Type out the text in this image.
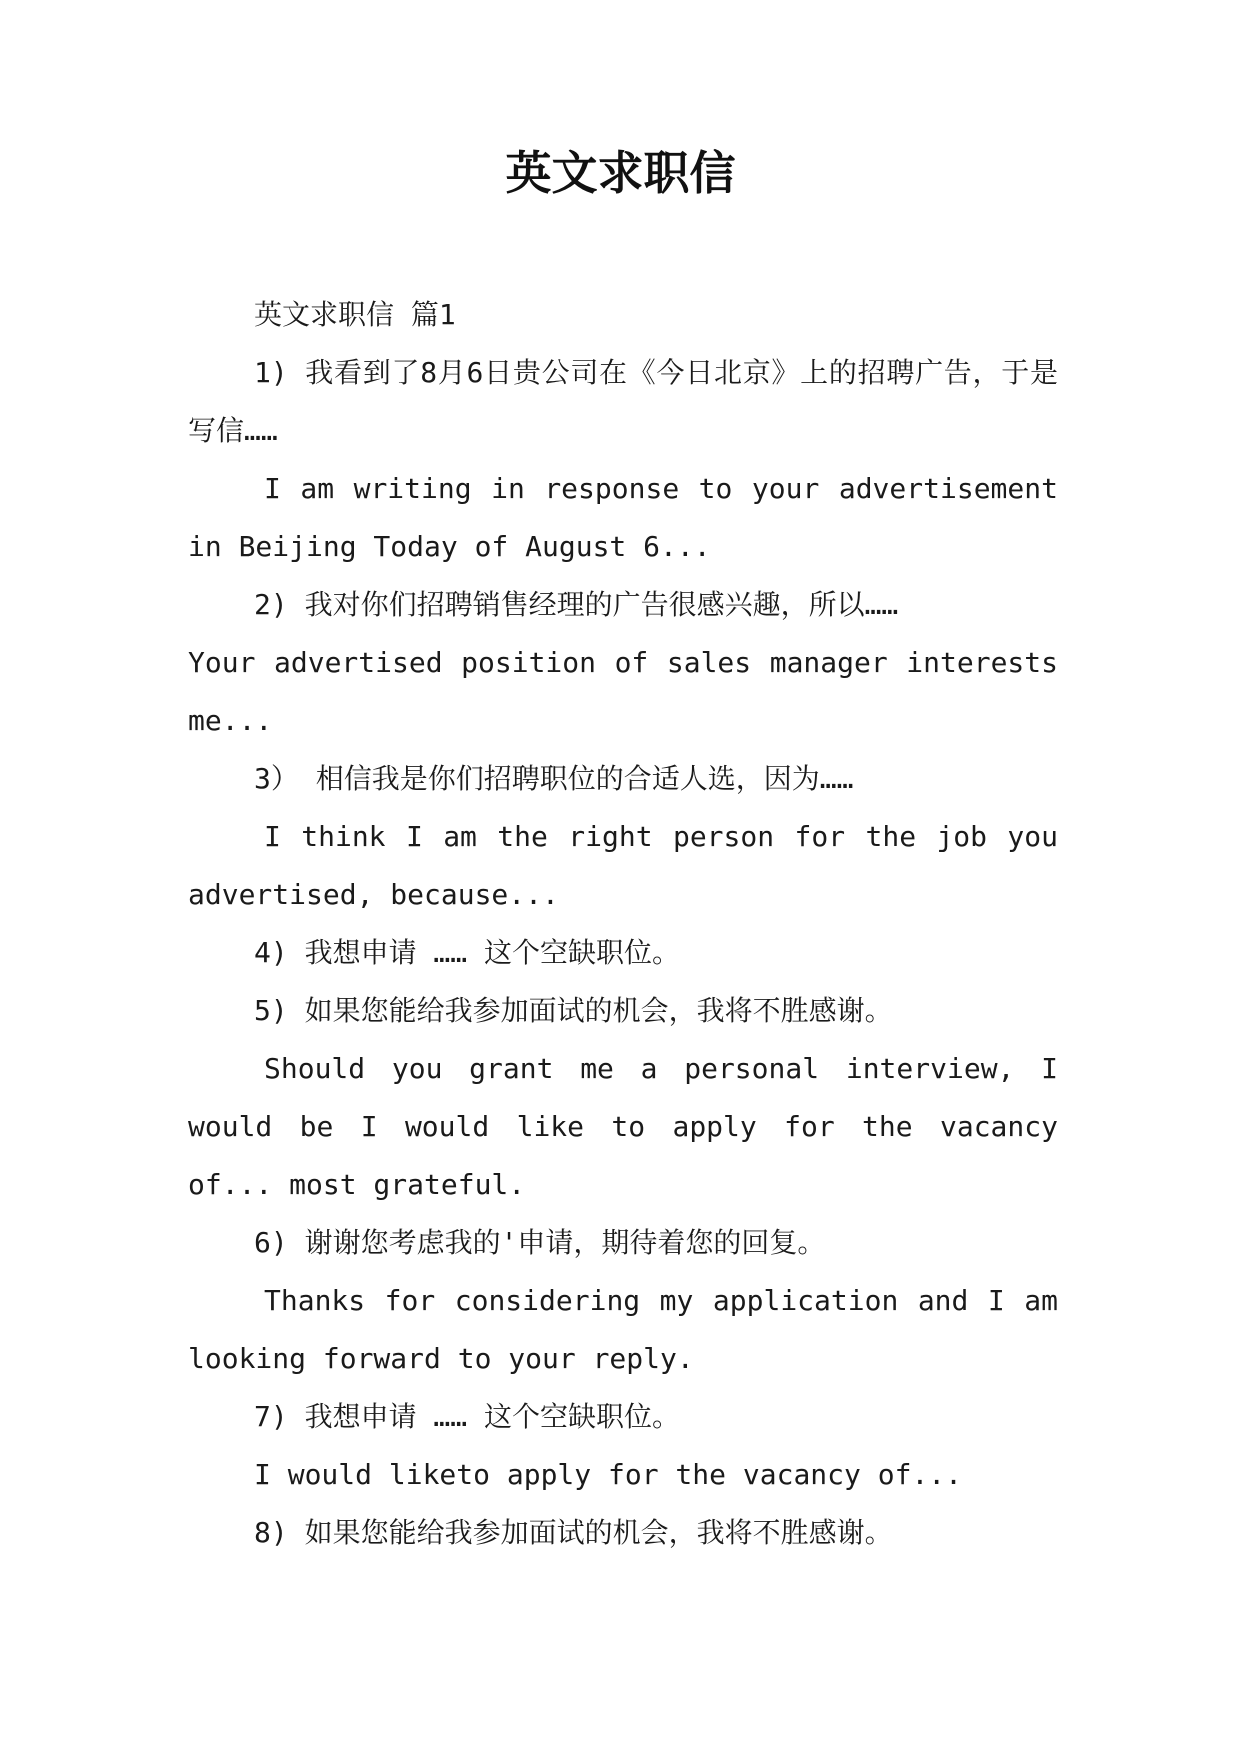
英文求职信

英文求职信 篇1

1) 我看到了8月6日贵公司在《今日北京》上的招聘广告，于是写信……

I am writing in response to your advertisement in Beijing Today of August 6...

2) 我对你们招聘销售经理的广告很感兴趣，所以……

Your advertised position of sales manager interests me...

3） 相信我是你们招聘职位的合适人选，因为……

I think I am the right person for the job you advertised, because...

4) 我想申请 …… 这个空缺职位。

5) 如果您能给我参加面试的机会，我将不胜感谢。

Should you grant me a personal interview, I would be I would like to apply for the vacancy of... most grateful.

6) 谢谢您考虑我的'申请，期待着您的回复。

Thanks for considering my application and I am looking forward to your reply.

7) 我想申请 …… 这个空缺职位。

I would liketo apply for the vacancy of...

8) 如果您能给我参加面试的机会，我将不胜感谢。
